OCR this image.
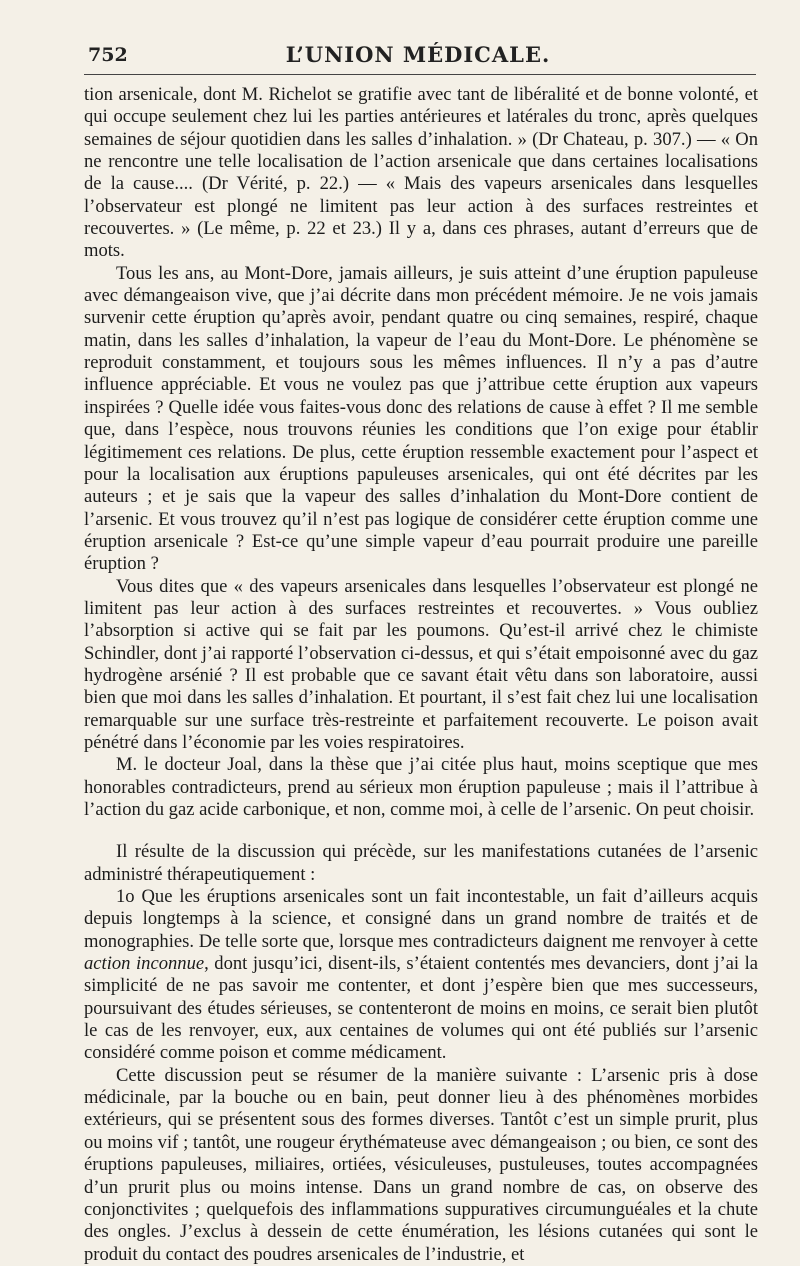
752	L’UNION MÉDICALE.

tion arsenicale, dont M. Richelot se gratifie avec tant de libéralité et de bonne volonté, et qui occupe seulement chez lui les parties antérieures et latérales du tronc, après quelques semaines de séjour quotidien dans les salles d’inhalation. » (Dr Chateau, p. 307.) — « On ne rencontre une telle localisation de l’action arsenicale que dans certaines localisations de la cause.... (Dr Vérité, p. 22.) — « Mais des vapeurs arsenicales dans lesquelles l’observateur est plongé ne limitent pas leur action à des surfaces restreintes et recouvertes. » (Le même, p. 22 et 23.) Il y a, dans ces phrases, autant d’erreurs que de mots.

Tous les ans, au Mont-Dore, jamais ailleurs, je suis atteint d’une éruption papuleuse avec démangeaison vive, que j’ai décrite dans mon précédent mémoire. Je ne vois jamais survenir cette éruption qu’après avoir, pendant quatre ou cinq semaines, respiré, chaque matin, dans les salles d’inhalation, la vapeur de l’eau du Mont-Dore. Le phénomène se reproduit constamment, et toujours sous les mêmes influences. Il n’y a pas d’autre influence appréciable. Et vous ne voulez pas que j’attribue cette éruption aux vapeurs inspirées ? Quelle idée vous faites-vous donc des relations de cause à effet ? Il me semble que, dans l’espèce, nous trouvons réunies les conditions que l’on exige pour établir légitimement ces relations. De plus, cette éruption ressemble exactement pour l’aspect et pour la localisation aux éruptions papuleuses arsenicales, qui ont été décrites par les auteurs ; et je sais que la vapeur des salles d’inhalation du Mont-Dore contient de l’arsenic. Et vous trouvez qu’il n’est pas logique de considérer cette éruption comme une éruption arsenicale ? Est-ce qu’une simple vapeur d’eau pourrait produire une pareille éruption ?

Vous dites que « des vapeurs arsenicales dans lesquelles l’observateur est plongé ne limitent pas leur action à des surfaces restreintes et recouvertes. » Vous oubliez l’absorption si active qui se fait par les poumons. Qu’est-il arrivé chez le chimiste Schindler, dont j’ai rapporté l’observation ci-dessus, et qui s’était empoisonné avec du gaz hydrogène arsénié ? Il est probable que ce savant était vêtu dans son laboratoire, aussi bien que moi dans les salles d’inhalation. Et pourtant, il s’est fait chez lui une localisation remarquable sur une surface très-restreinte et parfaitement recouverte. Le poison avait pénétré dans l’économie par les voies respiratoires.

M. le docteur Joal, dans la thèse que j’ai citée plus haut, moins sceptique que mes honorables contradicteurs, prend au sérieux mon éruption papuleuse ; mais il l’attribue à l’action du gaz acide carbonique, et non, comme moi, à celle de l’arsenic. On peut choisir.

Il résulte de la discussion qui précède, sur les manifestations cutanées de l’arsenic administré thérapeutiquement :

1o Que les éruptions arsenicales sont un fait incontestable, un fait d’ailleurs acquis depuis longtemps à la science, et consigné dans un grand nombre de traités et de monographies. De telle sorte que, lorsque mes contradicteurs daignent me renvoyer à cette action inconnue, dont jusqu’ici, disent-ils, s’étaient contentés mes devanciers, dont j’ai la simplicité de ne pas savoir me contenter, et dont j’espère bien que mes successeurs, poursuivant des études sérieuses, se contenteront de moins en moins, ce serait bien plutôt le cas de les renvoyer, eux, aux centaines de volumes qui ont été publiés sur l’arsenic considéré comme poison et comme médicament.

Cette discussion peut se résumer de la manière suivante : L’arsenic pris à dose médicinale, par la bouche ou en bain, peut donner lieu à des phénomènes morbides extérieurs, qui se présentent sous des formes diverses. Tantôt c’est un simple prurit, plus ou moins vif ; tantôt, une rougeur érythémateuse avec démangeaison ; ou bien, ce sont des éruptions papuleuses, miliaires, ortiées, vésiculeuses, pustuleuses, toutes accompagnées d’un prurit plus ou moins intense. Dans un grand nombre de cas, on observe des conjonctivites ; quelquefois des inflammations suppuratives circumunguéales et la chute des ongles. J’exclus à dessein de cette énumération, les lésions cutanées qui sont le produit du contact des poudres arsenicales de l’industrie, et
